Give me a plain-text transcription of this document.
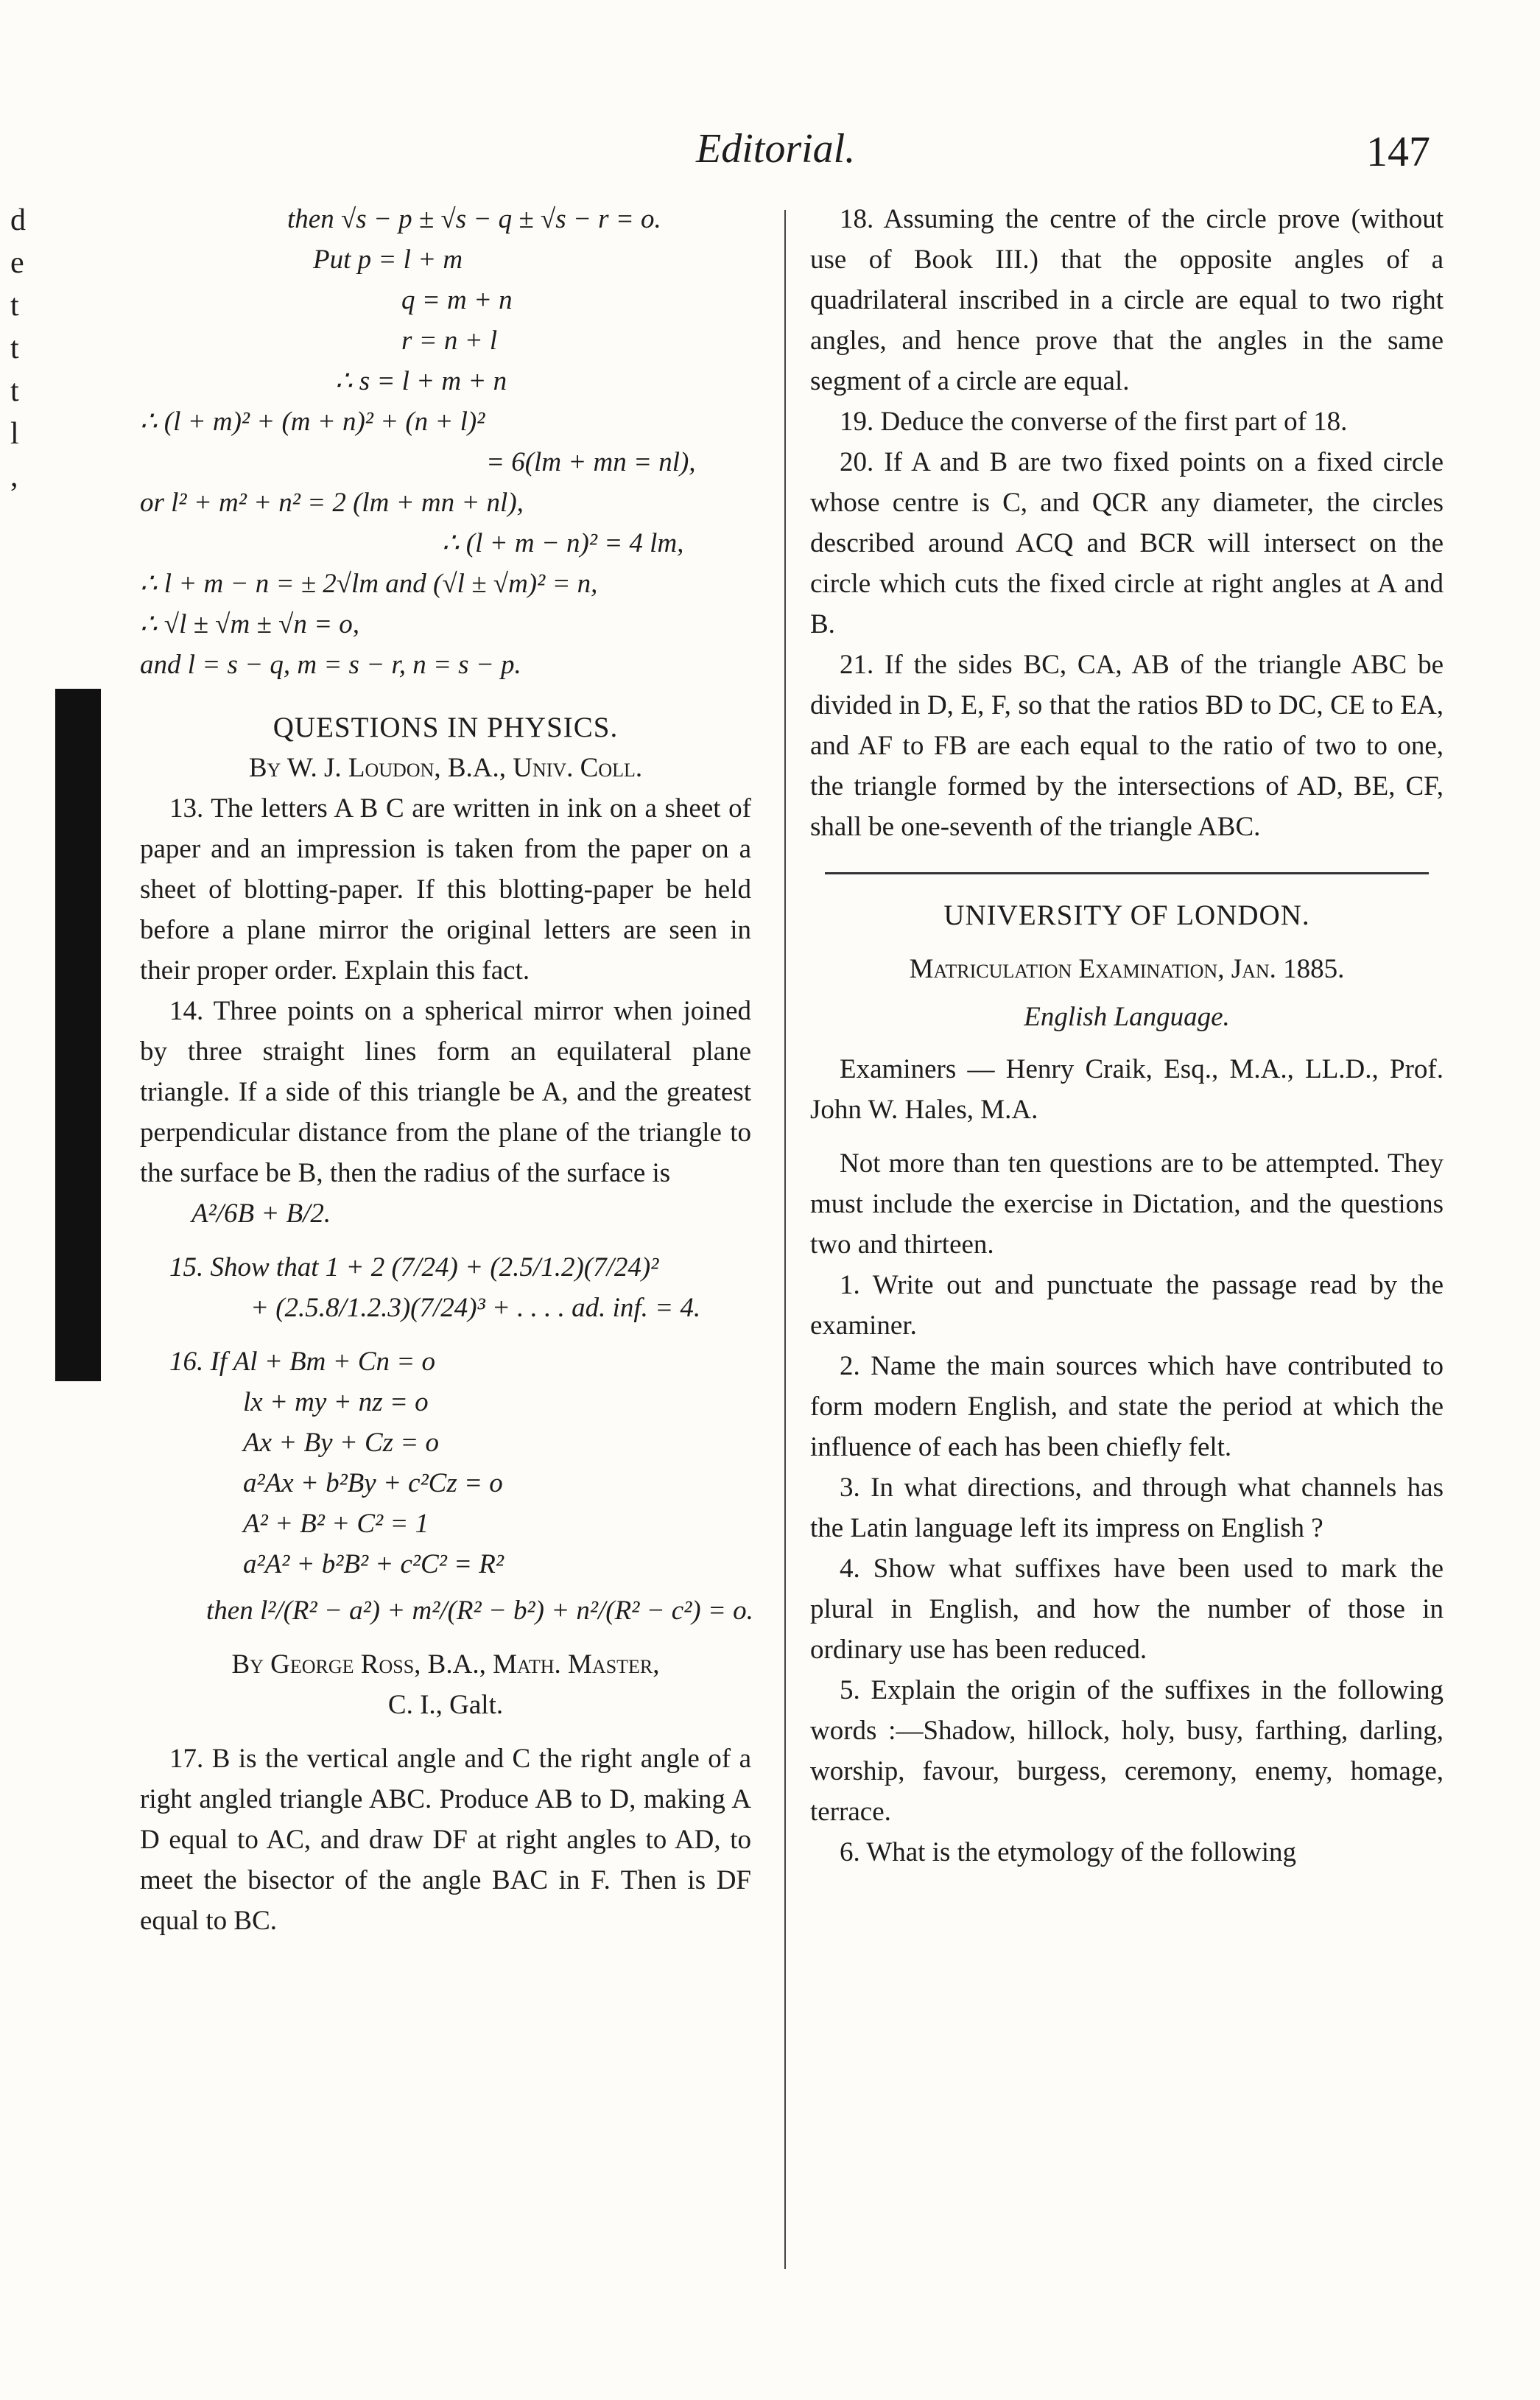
Editorial.	147
d
e
t
t
t
l
,
then √s − p ± √s − q ± √s − r = o.
Put p = l + m
q = m + n
r = n + l
∴ s = l + m + n
∴ (l + m)² + (m + n)² + (n + l)²
= 6(lm + mn = nl),
or l² + m² + n² = 2 (lm + mn + nl),
∴ (l + m − n)² = 4 lm,
∴ l + m − n = ± 2√lm and (√l ± √m)² = n,
∴ √l ± √m ± √n = o,
and l = s − q, m = s − r, n = s − p.
QUESTIONS IN PHYSICS.
By W. J. Loudon, B.A., Univ. Coll.

13. The letters A B C are written in ink on a sheet of paper and an impression is taken from the paper on a sheet of blotting-paper. If this blotting-paper be held before a plane mirror the original letters are seen in their proper order. Explain this fact.

14. Three points on a spherical mirror when joined by three straight lines form an equilateral plane triangle. If a side of this triangle be A, and the greatest perpendicular distance from the plane of the triangle to the surface be B, then the radius of the surface is

A²/6B + B/2.
15. Show that 1 + 2 (7/24) + (2.5/1.2)(7/24)²
+ (2.5.8/1.2.3)(7/24)³ + . . . . ad. inf. = 4.
16. If Al + Bm + Cn = o
lx + my + nz = o
Ax + By + Cz = o
a²Ax + b²By + c²Cz = o
A² + B² + C² = 1
a²A² + b²B² + c²C² = R²
then l²/(R² − a²) + m²/(R² − b²) + n²/(R² − c²) = o.
By George Ross, B.A., Math. Master,
C. I., Galt.

17. B is the vertical angle and C the right angle of a right angled triangle ABC. Produce AB to D, making A D equal to AC, and draw DF at right angles to AD, to meet the bisector of the angle BAC in F. Then is DF equal to BC.

18. Assuming the centre of the circle prove (without use of Book III.) that the opposite angles of a quadrilateral inscribed in a circle are equal to two right angles, and hence prove that the angles in the same segment of a circle are equal.

19. Deduce the converse of the first part of 18.

20. If A and B are two fixed points on a fixed circle whose centre is C, and QCR any diameter, the circles described around ACQ and BCR will intersect on the circle which cuts the fixed circle at right angles at A and B.

21. If the sides BC, CA, AB of the triangle ABC be divided in D, E, F, so that the ratios BD to DC, CE to EA, and AF to FB are each equal to the ratio of two to one, the triangle formed by the intersections of AD, BE, CF, shall be one-seventh of the triangle ABC.

UNIVERSITY OF LONDON.
Matriculation Examination, Jan. 1885.
English Language.

Examiners — Henry Craik, Esq., M.A., LL.D., Prof. John W. Hales, M.A.

Not more than ten questions are to be attempted. They must include the exercise in Dictation, and the questions two and thirteen.

1. Write out and punctuate the passage read by the examiner.

2. Name the main sources which have contributed to form modern English, and state the period at which the influence of each has been chiefly felt.

3. In what directions, and through what channels has the Latin language left its impress on English ?

4. Show what suffixes have been used to mark the plural in English, and how the number of those in ordinary use has been reduced.

5. Explain the origin of the suffixes in the following words :—Shadow, hillock, holy, busy, farthing, darling, worship, favour, burgess, ceremony, enemy, homage, terrace.

6. What is the etymology of the following
